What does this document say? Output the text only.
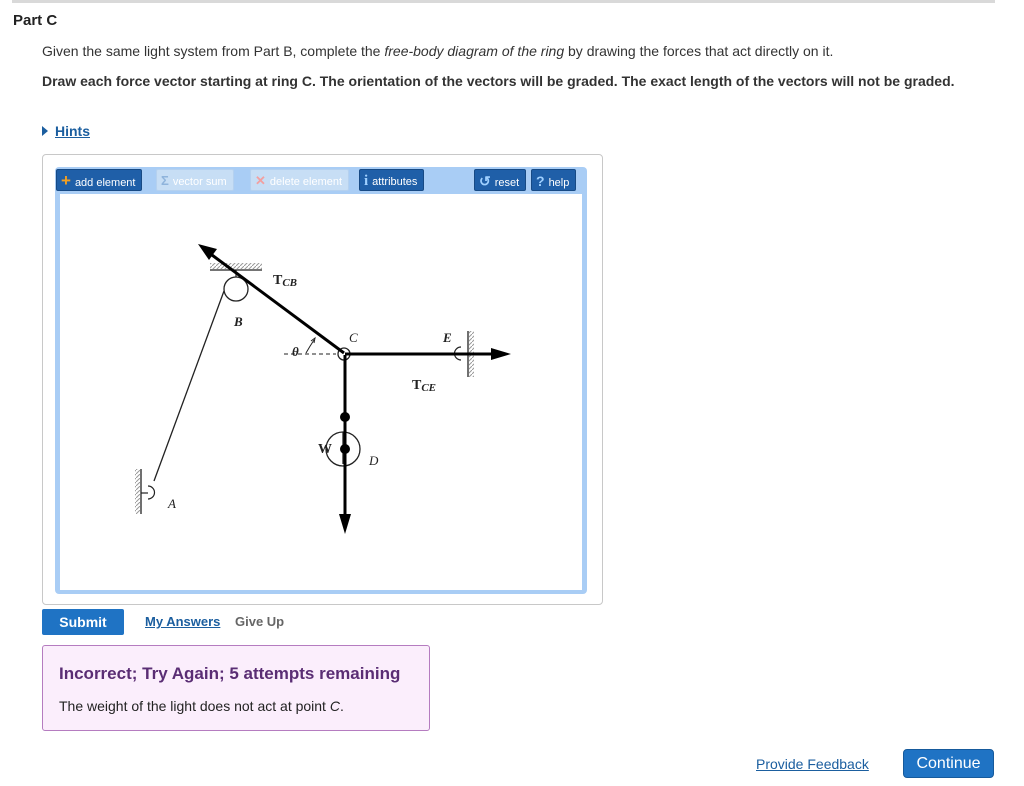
Part C
Given the same light system from Part B, complete the free-body diagram of the ring by drawing the forces that act directly on it.
Draw each force vector starting at ring C. The orientation of the vectors will be graded. The exact length of the vectors will not be graded.
Hints
+ add element	Σ vector sum	✕ delete element	i attributes	↺ reset	? help
TCB
TCE
W
B
C	E
D
A
θ
Submit	My Answers Give Up
Incorrect; Try Again; 5 attempts remaining
The weight of the light does not act at point C.
Provide Feedback	Continue
